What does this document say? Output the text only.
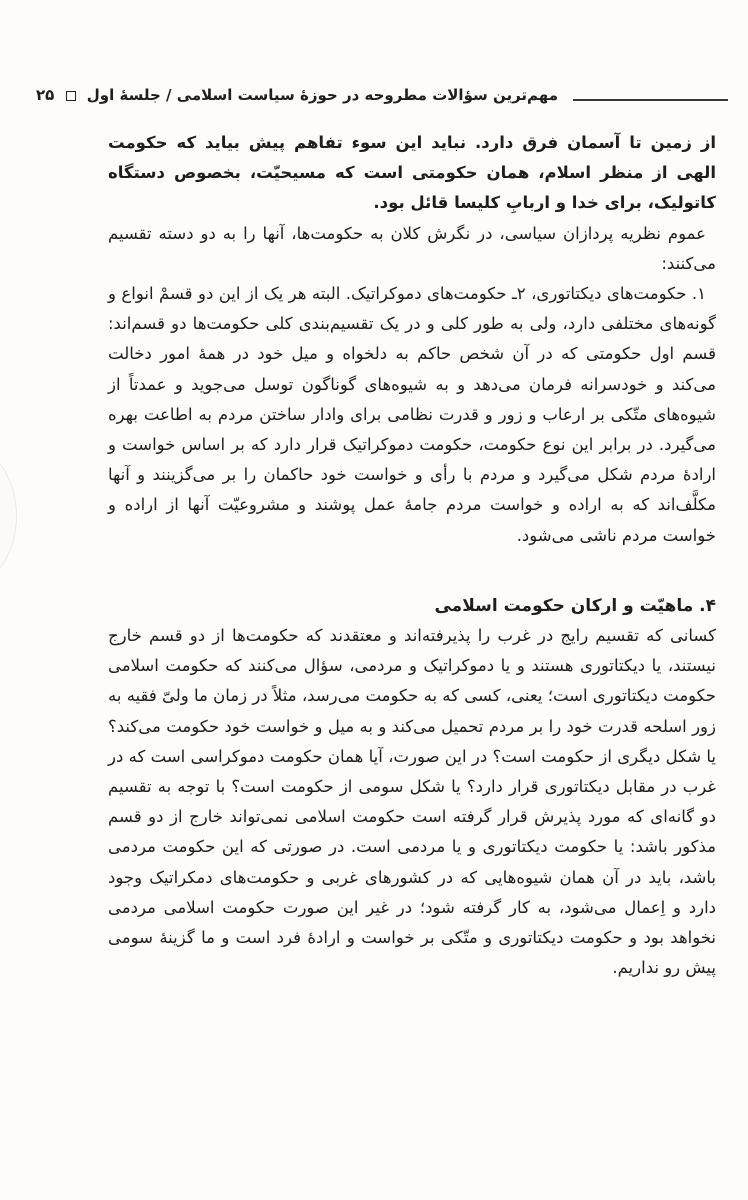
مهم‌ترین سؤالات مطروحه در حوزهٔ سیاست اسلامی / جلسهٔ اول  ۲۵

از زمین تا آسمان فرق دارد. نباید این سوء تفاهم پیش بیاید که حکومت الهی از منظر اسلام، همان حکومتی است که مسیحیّت، بخصوص دستگاه کاتولیک، برای خدا و اربابِ کلیسا قائل بود.

عموم نظریه پردازان سیاسی، در نگرش کلان به حکومت‌ها، آنها را به دو دسته تقسیم می‌کنند:

۱. حکومت‌های دیکتاتوری، ۲ـ حکومت‌های دموکراتیک. البته هر یک از این دو قسمْ انواع و گونه‌های مختلفی دارد، ولی به طور کلی و در یک تقسیم‌بندی کلی حکومت‌ها دو قسم‌اند: قسم اول حکومتی که در آن شخص حاکم به دلخواه و میل خود در همهٔ امور دخالت می‌کند و خودسرانه فرمان می‌دهد و به شیوه‌های گوناگون توسل می‌جوید و عمدتاً از شیوه‌های متّکی بر ارعاب و زور و قدرت نظامی برای وادار ساختن مردم به اطاعت بهره می‌گیرد. در برابر این نوع حکومت، حکومت دموکراتیک قرار دارد که بر اساس خواست و ارادهٔ مردم شکل می‌گیرد و مردم با رأی و خواست خود حاکمان را بر می‌گزینند و آنها مکلَّف‌اند که به اراده و خواست مردم جامهٔ عمل پوشند و مشروعیّت آنها از اراده و خواست مردم ناشی می‌شود.

۴. ماهیّت و ارکان حکومت اسلامی

کسانی که تقسیم رایج در غرب را پذیرفته‌اند و معتقدند که حکومت‌ها از دو قسم خارج نیستند، یا دیکتاتوری هستند و یا دموکراتیک و مردمی، سؤال می‌کنند که حکومت اسلامی حکومت دیکتاتوری است؛ یعنی، کسی که به حکومت می‌رسد، مثلاً در زمان ما ولیّ فقیه به زور اسلحه قدرت خود را بر مردم تحمیل می‌کند و به میل و خواست خود حکومت می‌کند؟ یا شکل دیگری از حکومت است؟ در این صورت، آیا همان حکومت دموکراسی است که در غرب در مقابل دیکتاتوری قرار دارد؟ یا شکل سومی از حکومت است؟ با توجه به تقسیم دو گانه‌ای که مورد پذیرش قرار گرفته است حکومت اسلامی نمی‌تواند خارج از دو قسم مذکور باشد: یا حکومت دیکتاتوری و یا مردمی است. در صورتی که این حکومت مردمی باشد، باید در آن همان شیوه‌هایی که در کشورهای غربی و حکومت‌های دمکراتیک وجود دارد و اِعمال می‌شود، به کار گرفته شود؛ در غیر این صورت حکومت اسلامی مردمی نخواهد بود و حکومت دیکتاتوری و متّکی بر خواست و ارادهٔ فرد است و ما گزینهٔ سومی پیش رو نداریم.
